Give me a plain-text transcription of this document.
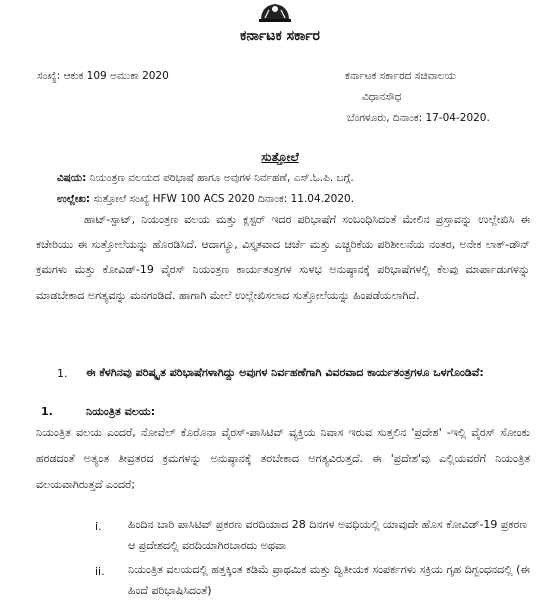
ಕರ್ನಾಟಕ ಸರ್ಕಾರ
ಸಂಖ್ಯೆ: ಆಕುಕ 109 ಅಮುಕಾ 2020	ಕರ್ನಾಟಕ ಸರ್ಕಾರದ ಸಚಿವಾಲಯ
ವಿಧಾನಸೌಧ
ಬೆಂಗಳೂರು, ದಿನಾಂಕ: 17-04-2020.
ಸುತ್ತೋಲೆ
ವಿಷಯ: ನಿಯಂತ್ರಣ ವಲಯದ ಪರಿಭಾಷೆ ಹಾಗೂ ಅವುಗಳ ನಿರ್ವಹಣೆ, ಎಸ್.ಓ.ಪಿ. ಬಗ್ಗೆ.
ಉಲ್ಲೇಖ: ಸುತ್ತೋಲೆ ಸಂಖ್ಯೆ HFW 100 ACS 2020 ದಿನಾಂಕ: 11.04.2020.
ಹಾಟ್-ಸ್ಪಾಟ್, ನಿಯಂತ್ರಣ ವಲಯ ಮತ್ತು ಕ್ಲಸ್ಟರ್ ಇದರ ಪರಿಭಾಷೆಗೆ ಸಂಬಂಧಿಸಿದಂತೆ ಮೇಲಿನ ಪ್ರಸ್ತಾವನ್ನು ಉಲ್ಲೇಖಿಸಿ ಈ ಕಚೇರಿಯು ಈ ಸುತ್ತೋಲೆಯನ್ನು ಹೊರಡಿಸಿದೆ. ಆದಾಗ್ಯೂ, ವಿಸ್ತೃತವಾದ ಚರ್ಚೆ ಮತ್ತು ಎಚ್ಚರಿಕೆಯ ಪರಿಶೀಲನೆಯ ನಂತರ, ಅನೇಕ ಲಾಕ್-ಡೌನ್ ಕ್ರಮಗಳು ಮತ್ತು ಕೋವಿಡ್-19 ವೈರಸ್ ನಿಯಂತ್ರಣ ಕಾರ್ಯತಂತ್ರಗಳ ಸುಳಭ ಅನುಷ್ಠಾನಕ್ಕೆ ಪರಿಭಾಷೆಗಳಲ್ಲಿ ಕೆಲವು ಮಾರ್ಪಾಡುಗಳನ್ನು ಮಾಡಬೇಕಾದ ಅಗತ್ಯವನ್ನು ಮನಗಂಡಿದೆ. ಹಾಗಾಗಿ ಮೇಲೆ ಉಲ್ಲೇಖಿಸಲಾದ ಸುತ್ತೋಲೆಯನ್ನು ಹಿಂಪಡೆಯಲಾಗಿದೆ.
1. ಈ ಕೆಳಗಿನವು ಪರಿಷ್ಕೃತ ಪರಿಭಾಷೆಗಳಾಗಿದ್ದು ಅವುಗಳ ನಿರ್ವಹಣೆಗಾಗಿ ವಿವರವಾದ ಕಾರ್ಯತಂತ್ರಗಳೂ ಒಳಗೊಂಡಿವೆ:
1.	ನಿಯಂತ್ರಿತ ವಲಯ:
ನಿಯಂತ್ರಿತ ವಲಯ ಎಂದರೆ, ನೋವೆಲ್ ಕೊರೊನಾ ವೈರಸ್-ಪಾಸಿಟಿವ್ ವ್ಯಕ್ತಿಯ ನಿವಾಸ ಇರುವ ಸುತ್ತಲಿನ 'ಪ್ರದೇಶ' -ಇಲ್ಲಿ ವೈರಸ್ ಸೋಂಕು ಹರಡದಂತೆ ಅತ್ಯಂತ ತೀವ್ರತರದ ಕ್ರಮಗಳನ್ನು ಅನುಷ್ಠಾನಕ್ಕೆ ತರಬೇಕಾದ ಅಗತ್ಯವಿರುತ್ತದೆ. ಈ 'ಪ್ರದೇಶ'ವು ಎಲ್ಲಿಯವರೆಗೆ ನಿಯಂತ್ರಿತ ವಲಯವಾಗಿರುತ್ತದೆ ಎಂದರೆ;
i. ಹಿಂದಿನ ಬಾರಿ ಪಾಸಿಟಿವ್ ಪ್ರಕರಣ ವರದಿಯಾದ 28 ದಿನಗಳ ಅವಧಿಯಲ್ಲಿ ಯಾವುದೇ ಹೊಸ ಕೋವಿಡ್-19 ಪ್ರಕರಣ ಆ ಪ್ರದೇಶದಲ್ಲಿ ವರದಿಯಾಗಿರಬಾರದು ಅಥವಾ
ii. ನಿಯಂತ್ರಿತ ವಲಯದಲ್ಲಿ ಹತ್ತಕ್ಕಿಂತ ಕಡಿಮೆ ಪ್ರಾಥಮಿಕ ಮತ್ತು ದ್ವಿತೀಯಕ ಸಂಪರ್ಕಗಳು ಸಕ್ರಿಯ ಗೃಹ ದಿಗ್ಬಂಧನದಲ್ಲಿ (ಈ ಹಿಂದೆ ಪರಿಭಾಷಿಸಿದಂತೆ)
